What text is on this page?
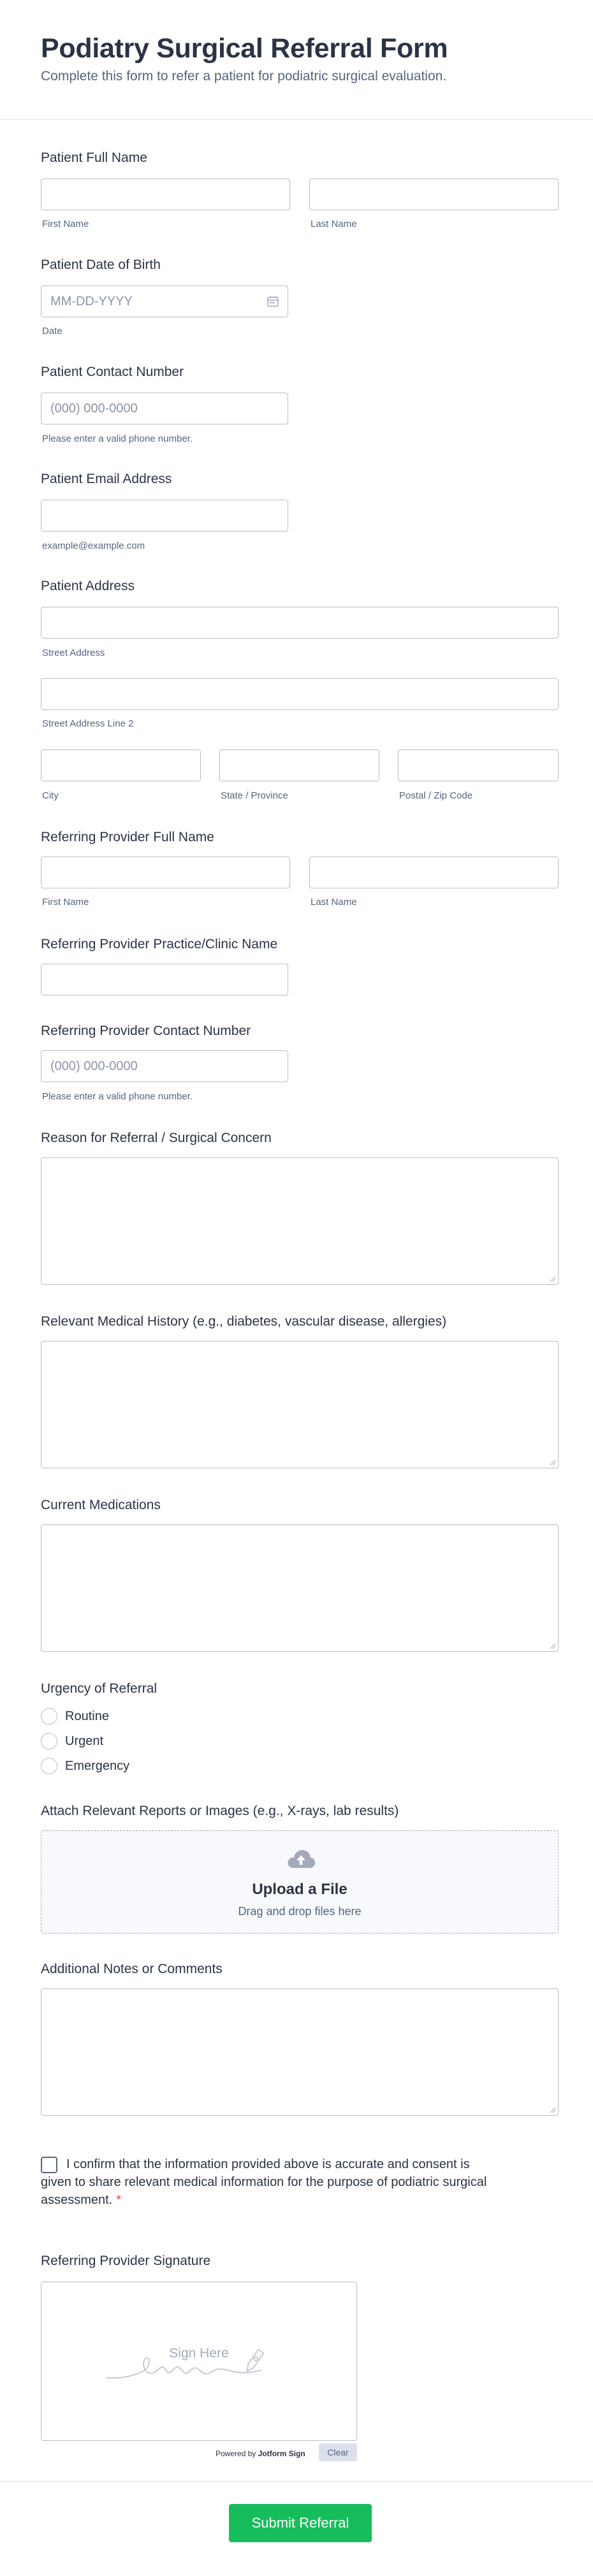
Podiatry Surgical Referral Form

Complete this form to refer a patient for podiatric surgical evaluation.

Patient Full Name
First Name	Last Name
Patient Date of Birth
MM-DD-YYYY
Date
Patient Contact Number
(000) 000-0000
Please enter a valid phone number.
Patient Email Address
example@example.com
Patient Address
Street Address
Street Address Line 2
City	State / Province	Postal / Zip Code
Referring Provider Full Name
First Name	Last Name
Referring Provider Practice/Clinic Name
Referring Provider Contact Number
(000) 000-0000
Please enter a valid phone number.
Reason for Referral / Surgical Concern
Relevant Medical History (e.g., diabetes, vascular disease, allergies)
Current Medications
Urgency of Referral
Routine
Urgent
Emergency
Attach Relevant Reports or Images (e.g., X-rays, lab results)
Upload a File
Drag and drop files here
Additional Notes or Comments

I confirm that the information provided above is accurate and consent is given to share relevant medical information for the purpose of podiatric surgical assessment. *

Referring Provider Signature
Sign Here
Powered by Jotform Sign	Clear
Submit Referral
